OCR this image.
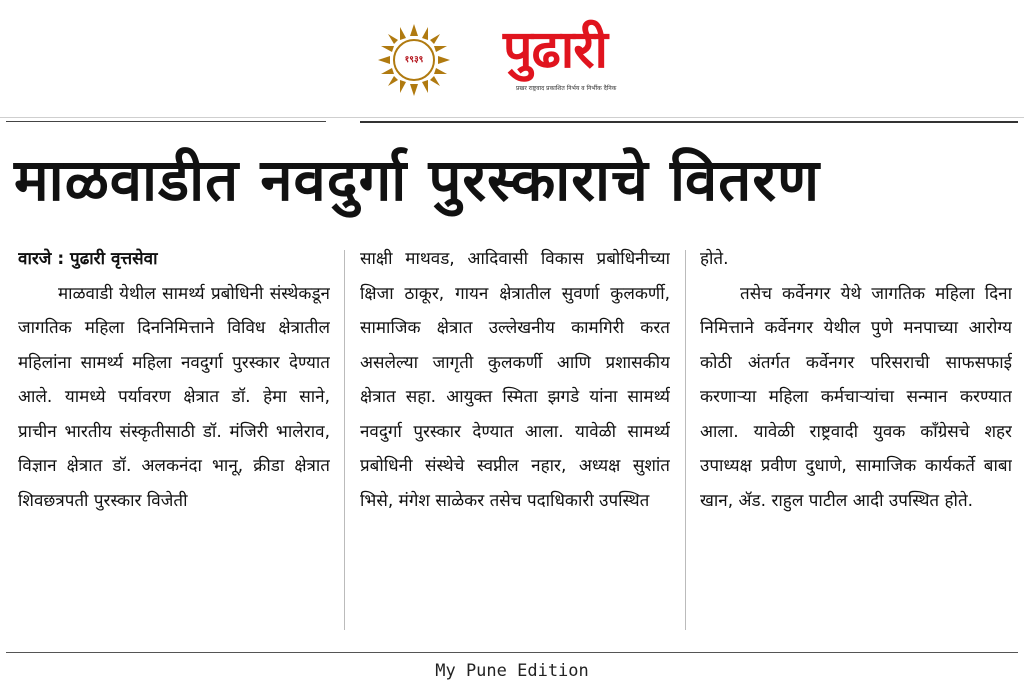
१९३९	पुढारी
प्रखर राष्ट्रवाद प्रकाशित निर्भय व निर्भीक दैनिक
माळवाडीत नवदुर्गा पुरस्काराचे वितरण

वारजे : पुढारी वृत्तसेवा

माळवाडी येथील सामर्थ्य प्रबोधिनी संस्थेकडून जागतिक महिला दिननिमित्ताने विविध क्षेत्रातील महिलांना सामर्थ्य महिला नवदुर्गा पुरस्कार देण्यात आले. यामध्ये पर्यावरण क्षेत्रात डॉ. हेमा साने, प्राचीन भारतीय संस्कृतीसाठी डॉ. मंजिरी भालेराव, विज्ञान क्षेत्रात डॉ. अलकनंदा भानू, क्रीडा क्षेत्रात शिवछत्रपती पुरस्कार विजेती

साक्षी माथवड, आदिवासी विकास प्रबोधिनीच्या क्षिजा ठाकूर, गायन क्षेत्रातील सुवर्णा कुलकर्णी, सामाजिक क्षेत्रात उल्लेखनीय कामगिरी करत असलेल्या जागृती कुलकर्णी आणि प्रशासकीय क्षेत्रात सहा. आयुक्त स्मिता झगडे यांना सामर्थ्य नवदुर्गा पुरस्कार देण्यात आला. यावेळी सामर्थ्य प्रबोधिनी संस्थेचे स्वप्नील नहार, अध्यक्ष सुशांत भिसे, मंगेश साळेकर तसेच पदाधिकारी उपस्थित

होते.

तसेच कर्वेनगर येथे जागतिक महिला दिना निमित्ताने कर्वेनगर येथील पुणे मनपाच्या आरोग्य कोठी अंतर्गत कर्वेनगर परिसराची साफसफाई करणाऱ्या महिला कर्मचाऱ्यांचा सन्मान करण्यात आला. यावेळी राष्ट्रवादी युवक कॉंग्रेसचे शहर उपाध्यक्ष प्रवीण दुधाणे, सामाजिक कार्यकर्ते बाबा खान, ॲड. राहुल पाटील आदी उपस्थित होते.

My Pune Edition
